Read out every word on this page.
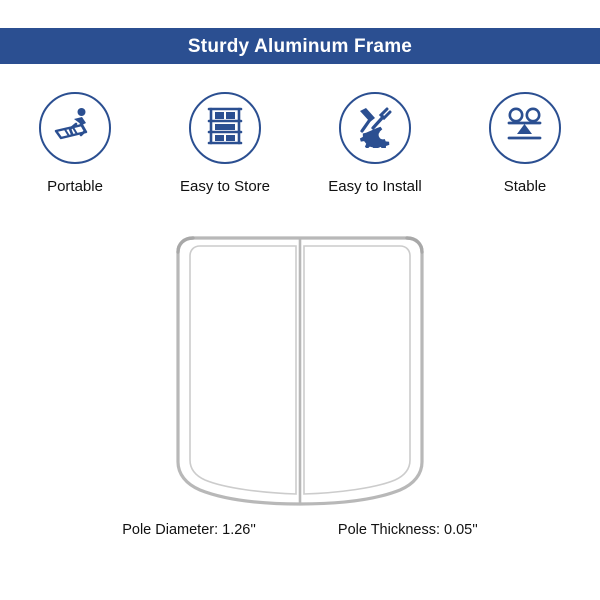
Sturdy Aluminum Frame
Portable	Easy to Store	Easy to Install	Stable
Pole Diameter: 1.26''	Pole Thickness: 0.05''
